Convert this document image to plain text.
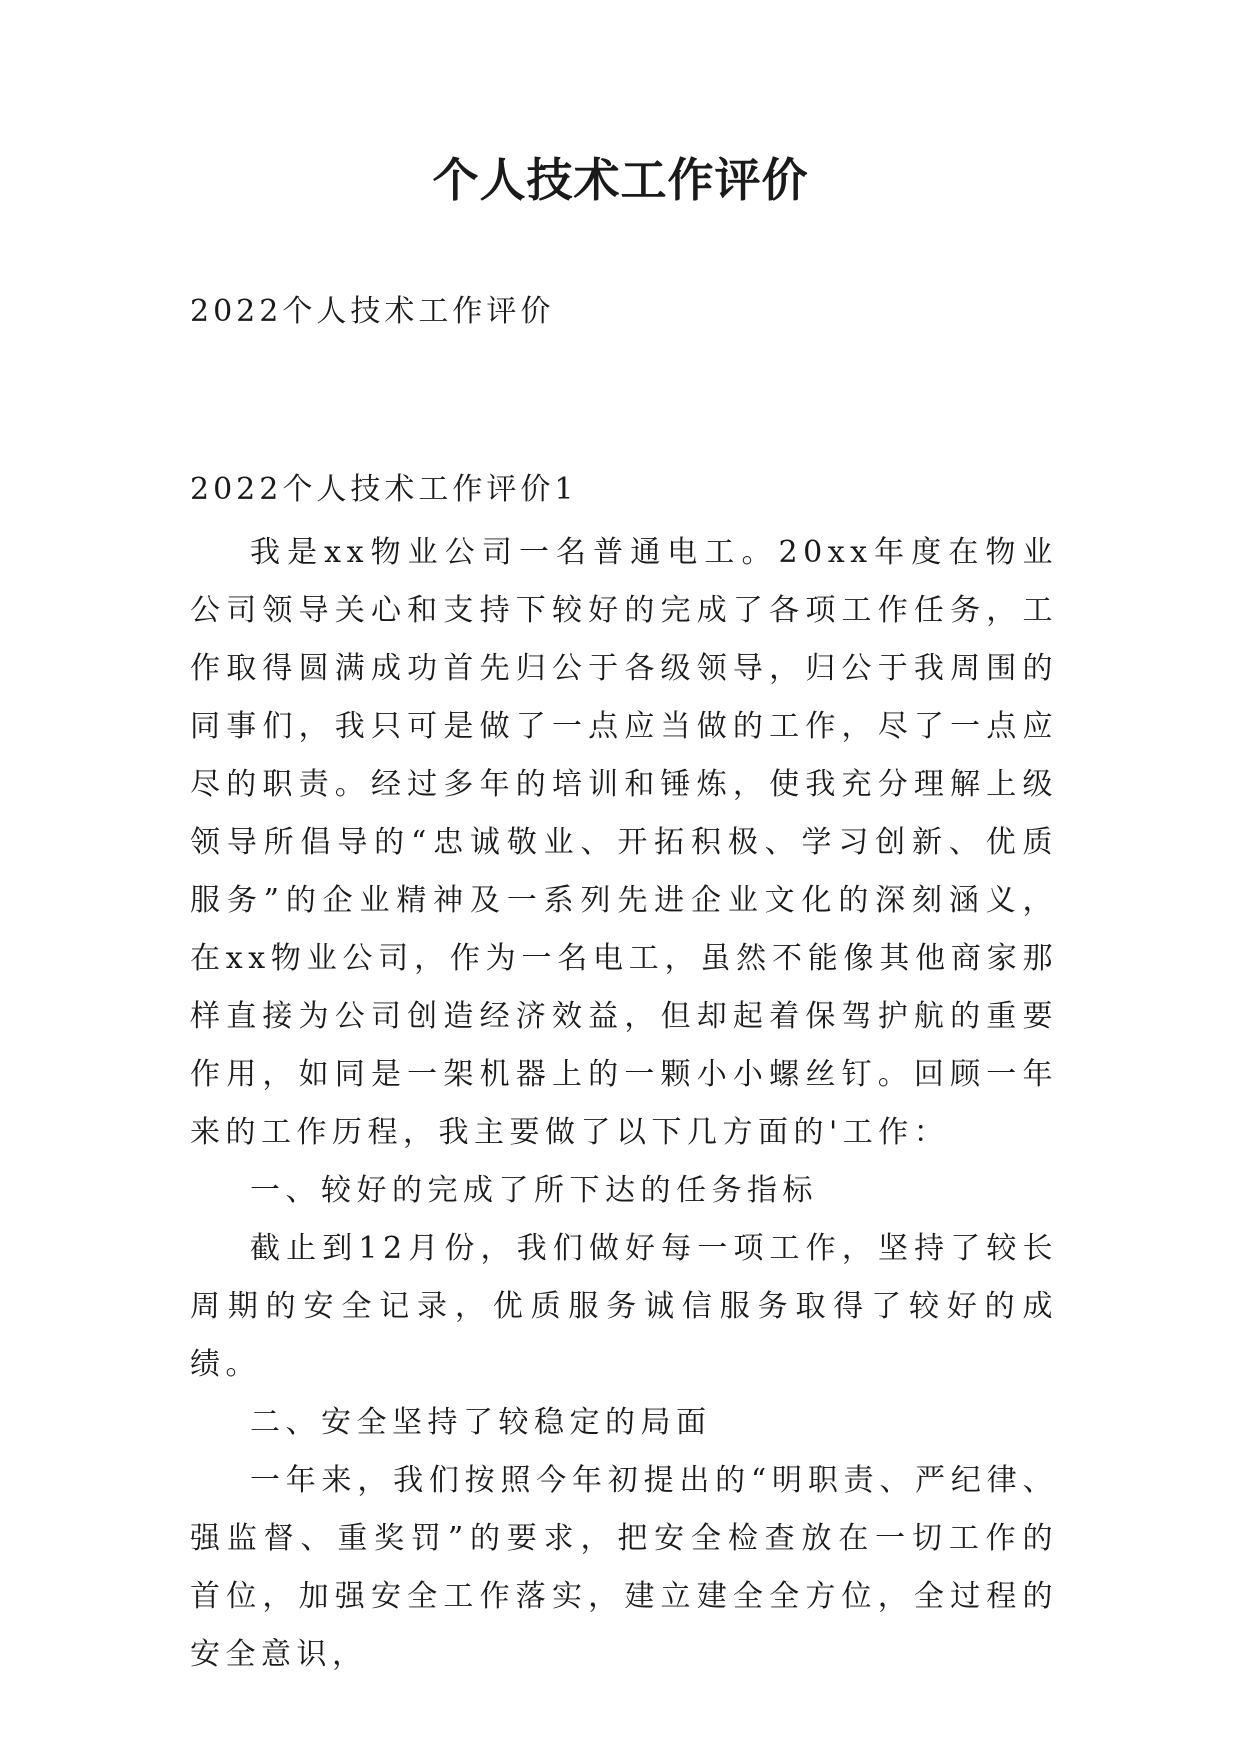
个人技术工作评价
2022个人技术工作评价
2022个人技术工作评价1

我是xx物业公司一名普通电工。20xx年度在物业公司领导关心和支持下较好的完成了各项工作任务，工作取得圆满成功首先归公于各级领导，归公于我周围的同事们，我只可是做了一点应当做的工作，尽了一点应尽的职责。经过多年的培训和锤炼，使我充分理解上级领导所倡导的“忠诚敬业、开拓积极、学习创新、优质服务”的企业精神及一系列先进企业文化的深刻涵义，在xx物业公司，作为一名电工，虽然不能像其他商家那样直接为公司创造经济效益，但却起着保驾护航的重要作用，如同是一架机器上的一颗小小螺丝钉。回顾一年来的工作历程，我主要做了以下几方面的'工作：

一、较好的完成了所下达的任务指标

截止到12月份，我们做好每一项工作，坚持了较长周期的安全记录，优质服务诚信服务取得了较好的成绩。

二、安全坚持了较稳定的局面

一年来，我们按照今年初提出的“明职责、严纪律、强监督、重奖罚”的要求，把安全检查放在一切工作的首位，加强安全工作落实，建立建全全方位，全过程的安全意识，
